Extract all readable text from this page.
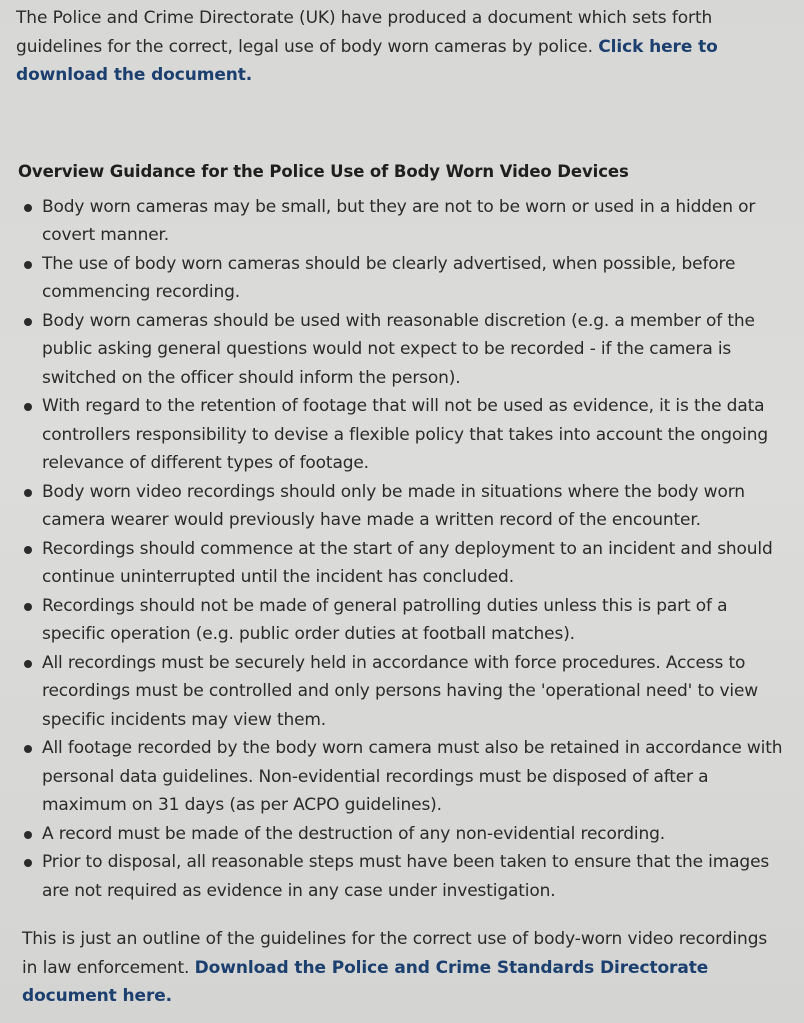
The Police and Crime Directorate (UK) have produced a document which sets forth guidelines for the correct, legal use of body worn cameras by police. Click here to download the document.

Overview Guidance for the Police Use of Body Worn Video Devices
Body worn cameras may be small, but they are not to be worn or used in a hidden or covert manner.
The use of body worn cameras should be clearly advertised, when possible, before commencing recording.
Body worn cameras should be used with reasonable discretion (e.g. a member of the public asking general questions would not expect to be recorded - if the camera is switched on the officer should inform the person).
With regard to the retention of footage that will not be used as evidence, it is the data controllers responsibility to devise a flexible policy that takes into account the ongoing relevance of different types of footage.
Body worn video recordings should only be made in situations where the body worn camera wearer would previously have made a written record of the encounter.
Recordings should commence at the start of any deployment to an incident and should continue uninterrupted until the incident has concluded.
Recordings should not be made of general patrolling duties unless this is part of a specific operation (e.g. public order duties at football matches).
All recordings must be securely held in accordance with force procedures. Access to recordings must be controlled and only persons having the 'operational need' to view specific incidents may view them.
All footage recorded by the body worn camera must also be retained in accordance with personal data guidelines. Non-evidential recordings must be disposed of after a maximum on 31 days (as per ACPO guidelines).
A record must be made of the destruction of any non-evidential recording.
Prior to disposal, all reasonable steps must have been taken to ensure that the images are not required as evidence in any case under investigation.

This is just an outline of the guidelines for the correct use of body-worn video recordings in law enforcement. Download the Police and Crime Standards Directorate document here.
